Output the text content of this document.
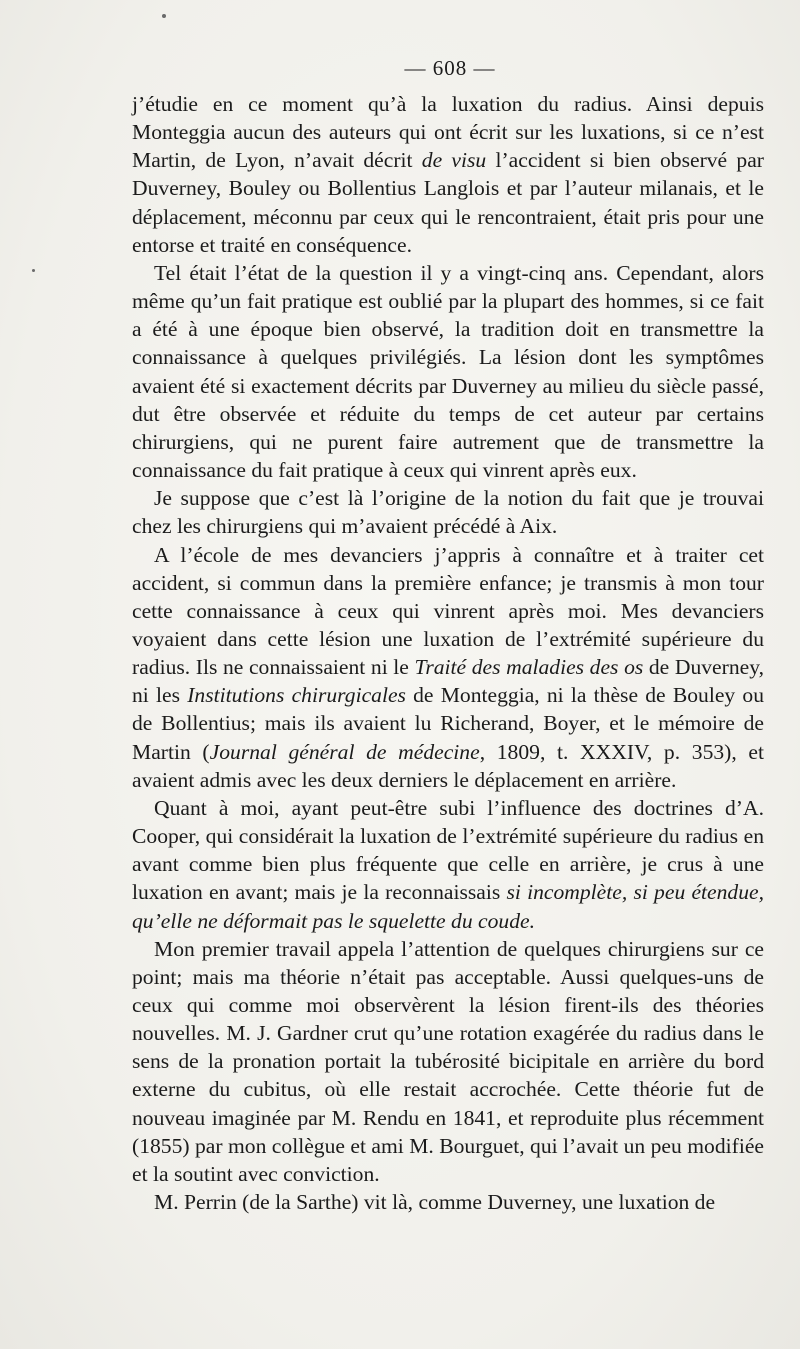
— 608 —

j’étudie en ce moment qu’à la luxation du radius. Ainsi depuis Monteggia aucun des auteurs qui ont écrit sur les luxations, si ce n’est Martin, de Lyon, n’avait décrit de visu l’accident si bien observé par Duverney, Bouley ou Bollentius Langlois et par l’auteur milanais, et le déplacement, méconnu par ceux qui le rencontraient, était pris pour une entorse et traité en conséquence.

Tel était l’état de la question il y a vingt-cinq ans. Cependant, alors même qu’un fait pratique est oublié par la plupart des hommes, si ce fait a été à une époque bien observé, la tradition doit en transmettre la connaissance à quelques privilégiés. La lésion dont les symptômes avaient été si exactement décrits par Duverney au milieu du siècle passé, dut être observée et réduite du temps de cet auteur par certains chirurgiens, qui ne purent faire autrement que de transmettre la connaissance du fait pratique à ceux qui vinrent après eux.

Je suppose que c’est là l’origine de la notion du fait que je trouvai chez les chirurgiens qui m’avaient précédé à Aix.

A l’école de mes devanciers j’appris à connaître et à traiter cet accident, si commun dans la première enfance; je transmis à mon tour cette connaissance à ceux qui vinrent après moi. Mes devanciers voyaient dans cette lésion une luxation de l’extrémité supérieure du radius. Ils ne connaissaient ni le Traité des maladies des os de Duverney, ni les Institutions chirurgicales de Monteggia, ni la thèse de Bouley ou de Bollentius; mais ils avaient lu Richerand, Boyer, et le mémoire de Martin (Journal général de médecine, 1809, t. XXXIV, p. 353), et avaient admis avec les deux derniers le déplacement en arrière.

Quant à moi, ayant peut-être subi l’influence des doctrines d’A. Cooper, qui considérait la luxation de l’extrémité supérieure du radius en avant comme bien plus fréquente que celle en arrière, je crus à une luxation en avant; mais je la reconnaissais si incomplète, si peu étendue, qu’elle ne déformait pas le squelette du coude.

Mon premier travail appela l’attention de quelques chirurgiens sur ce point; mais ma théorie n’était pas acceptable. Aussi quelques-uns de ceux qui comme moi observèrent la lésion firent-ils des théories nouvelles. M. J. Gardner crut qu’une rotation exagérée du radius dans le sens de la pronation portait la tubérosité bicipitale en arrière du bord externe du cubitus, où elle restait accrochée. Cette théorie fut de nouveau imaginée par M. Rendu en 1841, et reproduite plus récemment (1855) par mon collègue et ami M. Bourguet, qui l’avait un peu modifiée et la soutint avec conviction.

M. Perrin (de la Sarthe) vit là, comme Duverney, une luxation de
